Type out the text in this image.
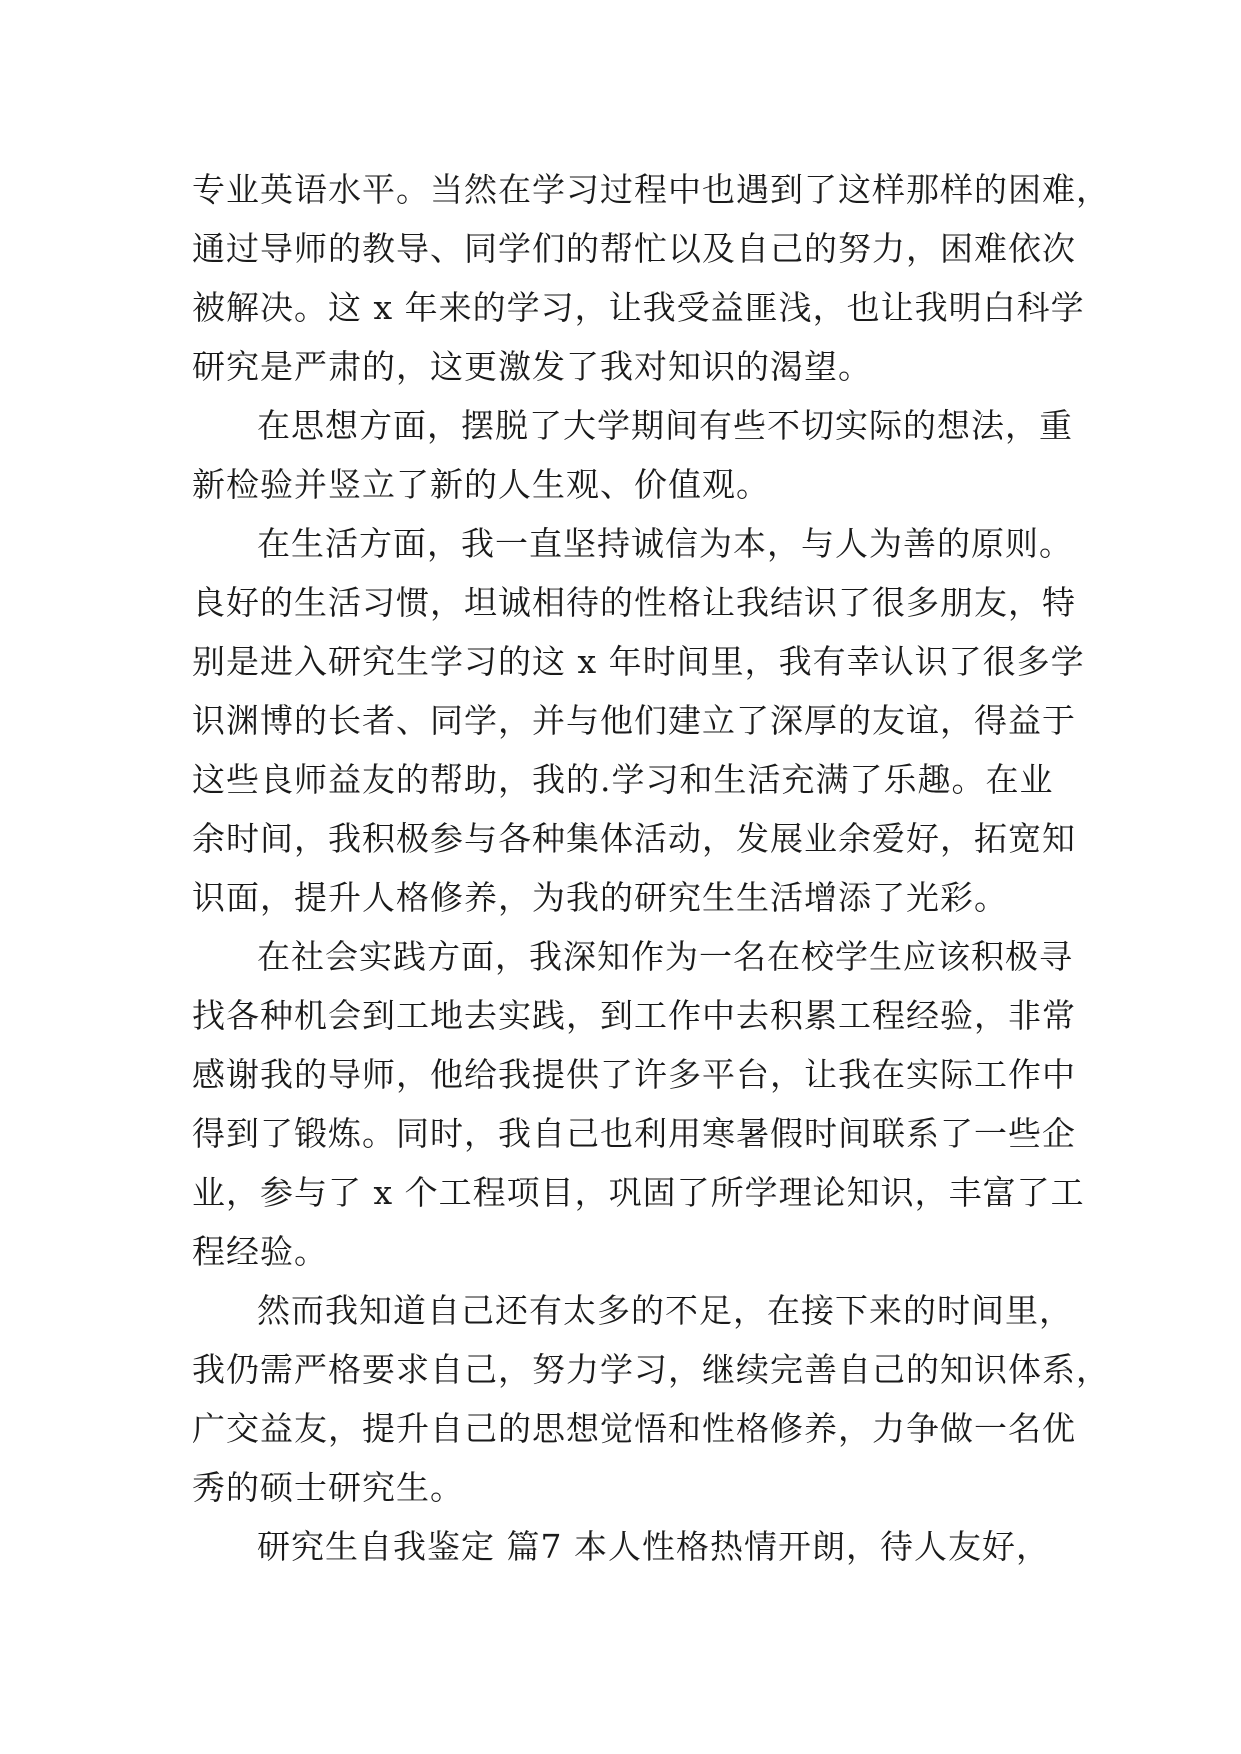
专业英语水平。当然在学习过程中也遇到了这样那样的困难，
通过导师的教导、同学们的帮忙以及自己的努力，困难依次
被解决。这 x 年来的学习，让我受益匪浅，也让我明白科学
研究是严肃的，这更激发了我对知识的渴望。
在思想方面，摆脱了大学期间有些不切实际的想法，重
新检验并竖立了新的人生观、价值观。
在生活方面，我一直坚持诚信为本，与人为善的原则。
良好的生活习惯，坦诚相待的性格让我结识了很多朋友，特
别是进入研究生学习的这 x 年时间里，我有幸认识了很多学
识渊博的长者、同学，并与他们建立了深厚的友谊，得益于
这些良师益友的帮助，我的.学习和生活充满了乐趣。在业
余时间，我积极参与各种集体活动，发展业余爱好，拓宽知
识面，提升人格修养，为我的研究生生活增添了光彩。
在社会实践方面，我深知作为一名在校学生应该积极寻
找各种机会到工地去实践，到工作中去积累工程经验，非常
感谢我的导师，他给我提供了许多平台，让我在实际工作中
得到了锻炼。同时，我自己也利用寒暑假时间联系了一些企
业，参与了 x 个工程项目，巩固了所学理论知识，丰富了工
程经验。
然而我知道自己还有太多的不足，在接下来的时间里，
我仍需严格要求自己，努力学习，继续完善自己的知识体系，
广交益友，提升自己的思想觉悟和性格修养，力争做一名优
秀的硕士研究生。
研究生自我鉴定 篇7 本人性格热情开朗，待人友好，
